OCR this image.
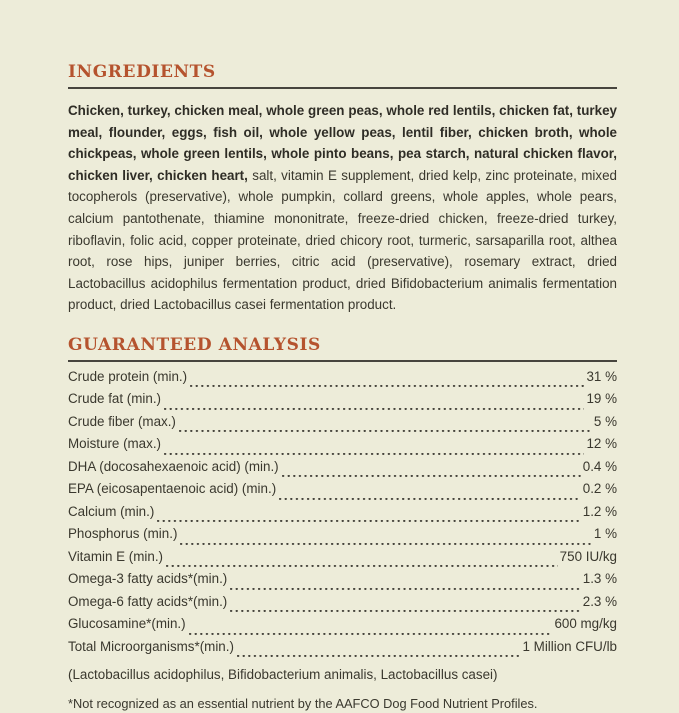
INGREDIENTS

Chicken, turkey, chicken meal, whole green peas, whole red lentils, chicken fat, turkey meal, flounder, eggs, fish oil, whole yellow peas, lentil fiber, chicken broth, whole chickpeas, whole green lentils, whole pinto beans, pea starch, natural chicken flavor, chicken liver, chicken heart, salt, vitamin E supplement, dried kelp, zinc proteinate, mixed tocopherols (preservative), whole pumpkin, collard greens, whole apples, whole pears, calcium pantothenate, thiamine mononitrate, freeze-dried chicken, freeze-dried turkey, riboflavin, folic acid, copper proteinate, dried chicory root, turmeric, sarsaparilla root, althea root, rose hips, juniper berries, citric acid (preservative), rosemary extract, dried Lactobacillus acidophilus fermentation product, dried Bifidobacterium animalis fermentation product, dried Lactobacillus casei fermentation product.

GUARANTEED ANALYSIS
Crude protein (min.)	31 %
Crude fat (min.)	19 %
Crude fiber (max.)	5 %
Moisture (max.)	12 %
DHA (docosahexaenoic acid) (min.)	0.4 %
EPA (eicosapentaenoic acid) (min.)	0.2 %
Calcium (min.)	1.2 %
Phosphorus (min.)	1 %
Vitamin E (min.)	750 IU/kg
Omega-3 fatty acids*(min.)	1.3 %
Omega-6 fatty acids*(min.)	2.3 %
Glucosamine*(min.)	600 mg/kg
Total Microorganisms*(min.)	1 Million CFU/lb

(Lactobacillus acidophilus, Bifidobacterium animalis, Lactobacillus casei)

*Not recognized as an essential nutrient by the AAFCO Dog Food Nutrient Profiles.
